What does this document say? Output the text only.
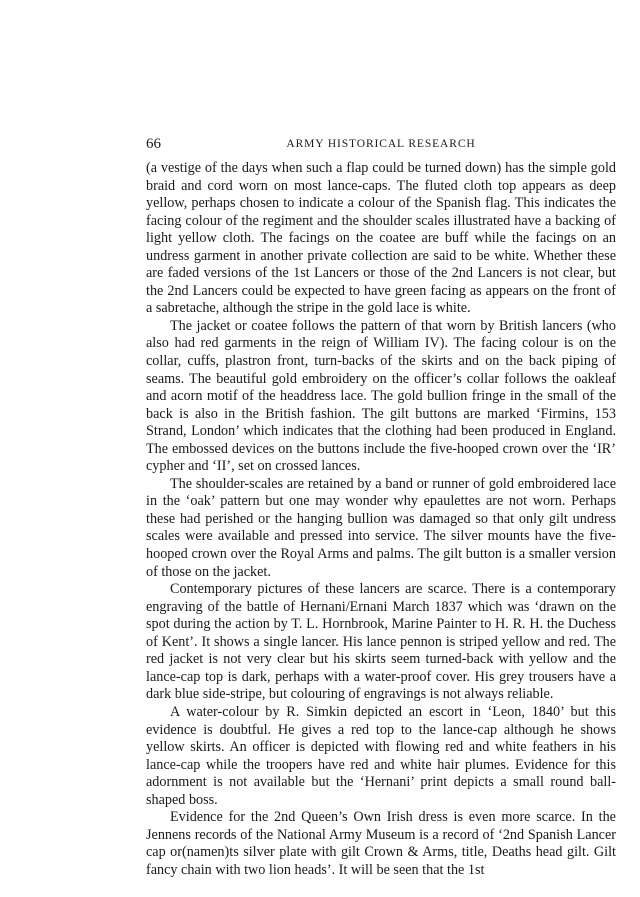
66	ARMY HISTORICAL RESEARCH

(a vestige of the days when such a flap could be turned down) has the simple gold braid and cord worn on most lance-caps. The fluted cloth top appears as deep yellow, perhaps chosen to indicate a colour of the Spanish flag. This indicates the facing colour of the regiment and the shoulder scales illustrated have a backing of light yellow cloth. The facings on the coatee are buff while the facings on an undress garment in another private collection are said to be white. Whether these are faded versions of the 1st Lancers or those of the 2nd Lancers is not clear, but the 2nd Lancers could be expected to have green facing as appears on the front of a sabretache, although the stripe in the gold lace is white.

The jacket or coatee follows the pattern of that worn by British lancers (who also had red garments in the reign of William IV). The facing colour is on the collar, cuffs, plastron front, turn-backs of the skirts and on the back piping of seams. The beautiful gold embroidery on the officer’s collar follows the oakleaf and acorn motif of the headdress lace. The gold bullion fringe in the small of the back is also in the British fashion. The gilt buttons are marked ‘Firmins, 153 Strand, London’ which indicates that the clothing had been produced in England. The embossed devices on the buttons include the five-hooped crown over the ‘IR’ cypher and ‘II’, set on crossed lances.

The shoulder-scales are retained by a band or runner of gold embroidered lace in the ‘oak’ pattern but one may wonder why epaulettes are not worn. Perhaps these had perished or the hanging bullion was damaged so that only gilt undress scales were available and pressed into service. The silver mounts have the five-hooped crown over the Royal Arms and palms. The gilt button is a smaller version of those on the jacket.

Contemporary pictures of these lancers are scarce. There is a contemporary engraving of the battle of Hernani/Ernani March 1837 which was ‘drawn on the spot during the action by T. L. Hornbrook, Marine Painter to H. R. H. the Duchess of Kent’. It shows a single lancer. His lance pennon is striped yellow and red. The red jacket is not very clear but his skirts seem turned-back with yellow and the lance-cap top is dark, perhaps with a water-proof cover. His grey trousers have a dark blue side-stripe, but colouring of engravings is not always reliable.

A water-colour by R. Simkin depicted an escort in ‘Leon, 1840’ but this evidence is doubtful. He gives a red top to the lance-cap although he shows yellow skirts. An officer is depicted with flowing red and white feathers in his lance-cap while the troopers have red and white hair plumes. Evidence for this adornment is not available but the ‘Hernani’ print depicts a small round ball-shaped boss.

Evidence for the 2nd Queen’s Own Irish dress is even more scarce. In the Jennens records of the National Army Museum is a record of ‘2nd Spanish Lancer cap or(namen)ts silver plate with gilt Crown & Arms, title, Deaths head gilt. Gilt fancy chain with two lion heads’. It will be seen that the 1st
